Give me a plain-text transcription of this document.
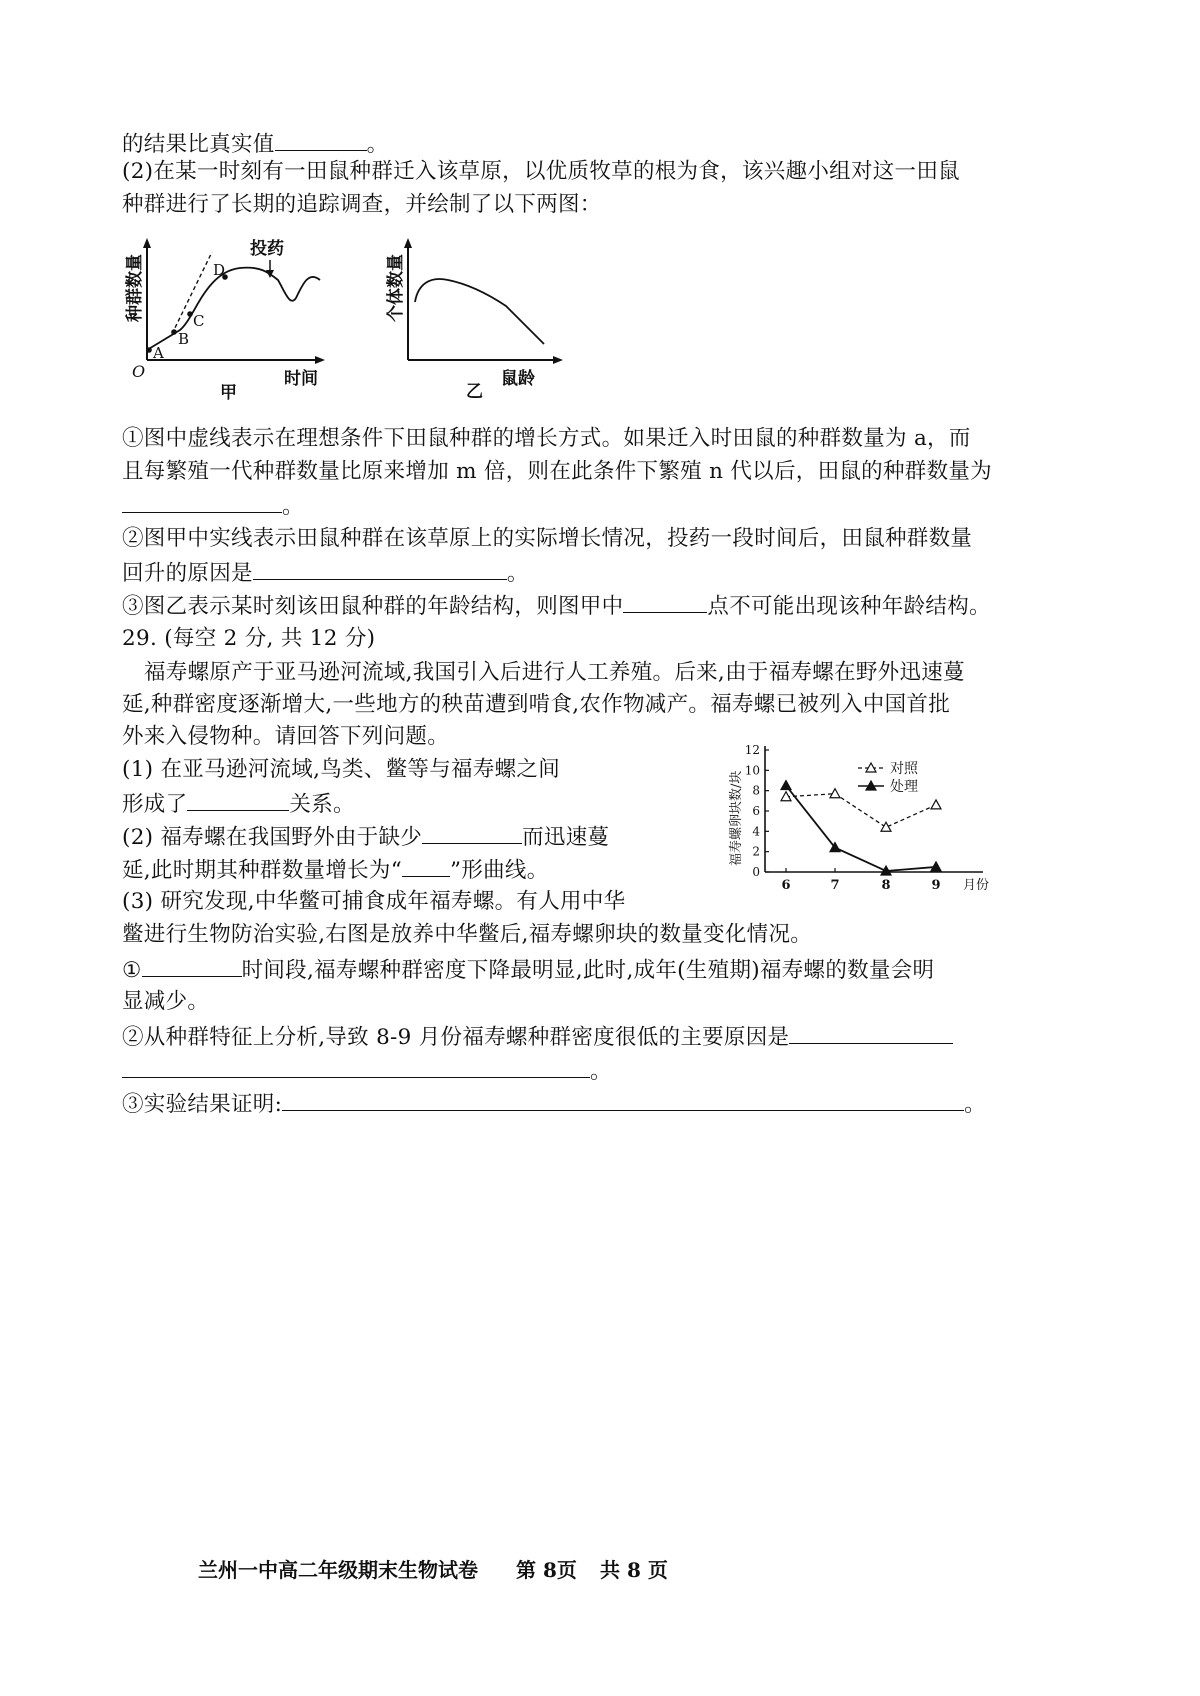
的结果比真实值	。
(2)在某一时刻有一田鼠种群迁入该草原，以优质牧草的根为食，该兴趣小组对这一田鼠
种群进行了长期的追踪调查，并绘制了以下两图：
投药
A
B
C
D
O	时间
甲
种群数量	个体数量
鼠龄
乙
①图中虚线表示在理想条件下田鼠种群的增长方式。如果迁入时田鼠的种群数量为 a，而
且每繁殖一代种群数量比原来增加 m 倍，则在此条件下繁殖 n 代以后，田鼠的种群数量为
。
②图甲中实线表示田鼠种群在该草原上的实际增长情况，投药一段时间后，田鼠种群数量
回升的原因是	。
③图乙表示某时刻该田鼠种群的年龄结构，则图甲中	点不可能出现该种年龄结构。
29. (每空 2 分, 共 12 分)
福寿螺原产于亚马逊河流域,我国引入后进行人工养殖。后来,由于福寿螺在野外迅速蔓
延,种群密度逐渐增大,一些地方的秧苗遭到啃食,农作物减产。福寿螺已被列入中国首批
外来入侵物种。请回答下列问题。
(1) 在亚马逊河流域,鸟类、鳖等与福寿螺之间
形成了	关系。
(2) 福寿螺在我国野外由于缺少	而迅速蔓
延,此时期其种群数量增长为“ ”形曲线。
(3) 研究发现,中华鳖可捕食成年福寿螺。有人用中华
鳖进行生物防治实验,右图是放养中华鳖后,福寿螺卵块的数量变化情况。
①	时间段,福寿螺种群密度下降最明显,此时,成年(生殖期)福寿螺的数量会明
显减少。
②从种群特征上分析,导致 8-9 月份福寿螺种群密度很低的主要原因是
。
③实验结果证明:	。
0
2
4
6
8
10
12
6	7	8	9 月份
福寿螺卵块数/块
对照
处理
兰州一中高二年级期末生物试卷 第 8页 共 8 页
